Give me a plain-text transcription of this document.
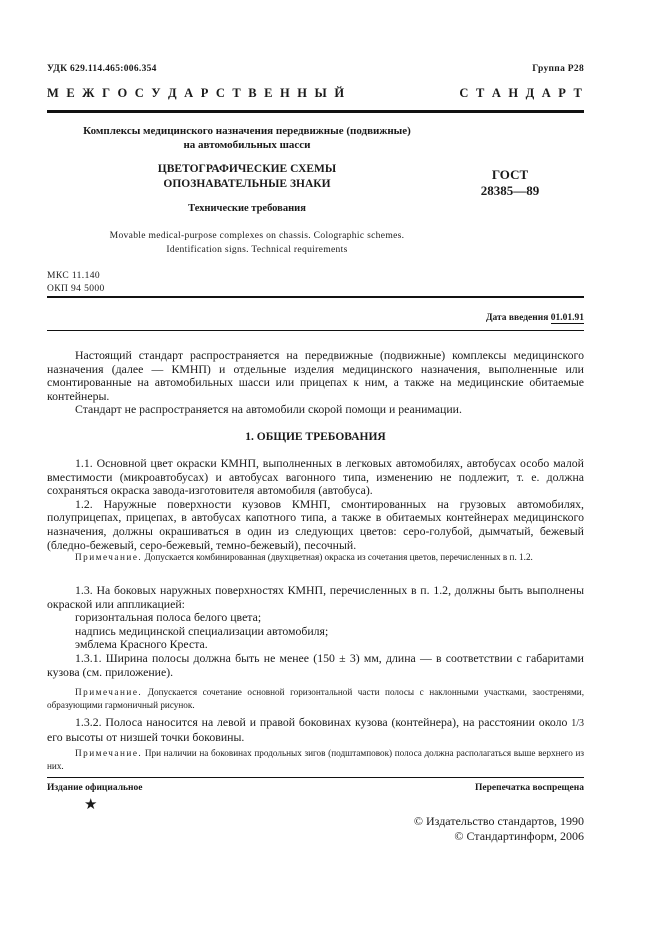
УДК 629.114.465:006.354	Группа Р28
М Е Ж Г О С У Д А Р С Т В Е Н Н Ы Й	С Т А Н Д А Р Т
Комплексы медицинского назначения передвижные (подвижные)
на автомобильных шасси
ЦВЕТОГРАФИЧЕСКИЕ СХЕМЫ
ОПОЗНАВАТЕЛЬНЫЕ ЗНАКИ
Технические требования
Movable medical-purpose complexes on chassis. Colographic schemes.
Identification signs. Technical requirements
ГОСТ
28385—89
МКС 11.140
ОКП 94 5000
Дата введения 01.01.91

Настоящий стандарт распространяется на передвижные (подвижные) комплексы медицинского назначения (далее — КМНП) и отдельные изделия медицинского назначения, выполненные или смонтированные на автомобильных шасси или прицепах к ним, а также на медицинские обитаемые контейнеры.

Стандарт не распространяется на автомобили скорой помощи и реанимации.

1. ОБЩИЕ ТРЕБОВАНИЯ

1.1. Основной цвет окраски КМНП, выполненных в легковых автомобилях, автобусах особо малой вместимости (микроавтобусах) и автобусах вагонного типа, изменению не подлежит, т. е. должна сохраняться окраска завода-изготовителя автомобиля (автобуса).

1.2. Наружные поверхности кузовов КМНП, смонтированных на грузовых автомобилях, полуприцепах, прицепах, в автобусах капотного типа, а также в обитаемых контейнерах медицинского назначения, должны окрашиваться в один из следующих цветов: серо-голубой, дымчатый, бежевый (бледно-бежевый, серо-бежевый, темно-бежевый), песочный.

Примечание. Допускается комбинированная (двухцветная) окраска из сочетания цветов, перечисленных в п. 1.2.

1.3. На боковых наружных поверхностях КМНП, перечисленных в п. 1.2, должны быть выполнены окраской или аппликацией:

горизонтальная полоса белого цвета;

надпись медицинской специализации автомобиля;

эмблема Красного Креста.

1.3.1. Ширина полосы должна быть не менее (150 ± 3) мм, длина — в соответствии с габаритами кузова (см. приложение).

Примечание. Допускается сочетание основной горизонтальной части полосы с наклонными участками, заостренями, образующими гармоничный рисунок.

1.3.2. Полоса наносится на левой и правой боковинах кузова (контейнера), на расстоянии около 1/3 его высоты от низшей точки боковины.

Примечание. При наличии на боковинах продольных зигов (подштамповок) полоса должна располагаться выше верхнего из них.

Издание официальное	Перепечатка воспрещена
★
© Издательство стандартов, 1990
© Стандартинформ, 2006
